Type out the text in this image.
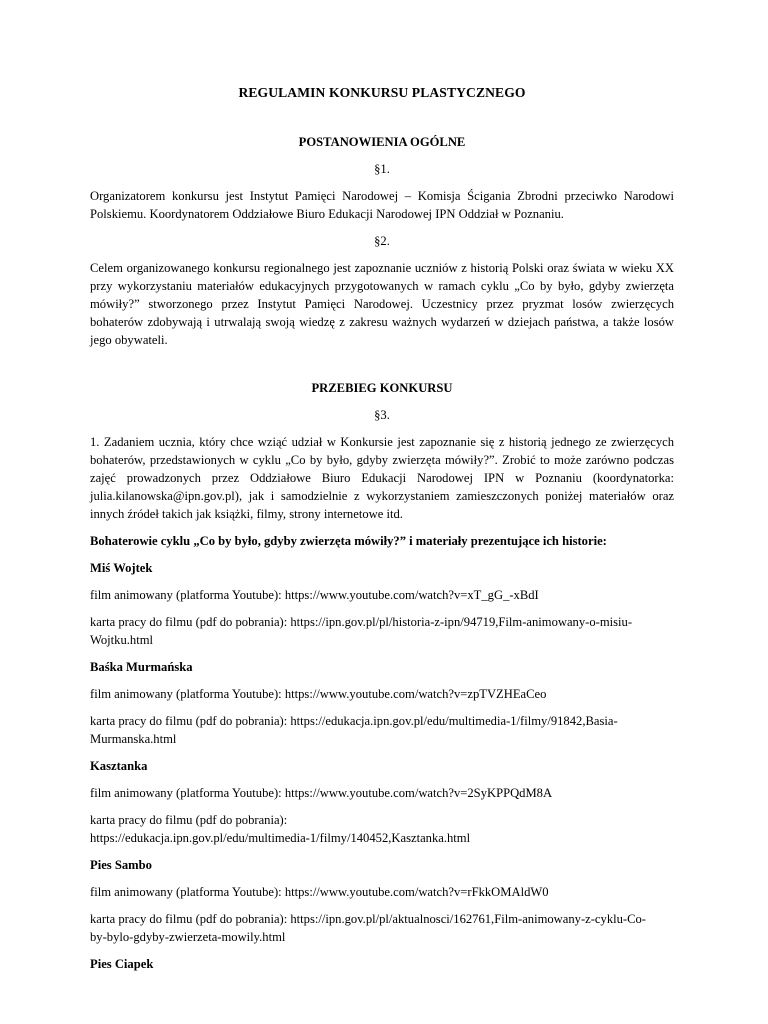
REGULAMIN KONKURSU PLASTYCZNEGO
POSTANOWIENIA OGÓLNE
§1.
Organizatorem konkursu jest Instytut Pamięci Narodowej – Komisja Ścigania Zbrodni przeciwko Narodowi Polskiemu. Koordynatorem Oddziałowe Biuro Edukacji Narodowej IPN Oddział w Poznaniu.
§2.
Celem organizowanego konkursu regionalnego jest zapoznanie uczniów z historią Polski oraz świata w wieku XX przy wykorzystaniu materiałów edukacyjnych przygotowanych w ramach cyklu „Co by było, gdyby zwierzęta mówiły?” stworzonego przez Instytut Pamięci Narodowej. Uczestnicy przez pryzmat losów zwierzęcych bohaterów zdobywają i utrwalają swoją wiedzę z zakresu ważnych wydarzeń w dziejach państwa, a także losów jego obywateli.
PRZEBIEG KONKURSU
§3.
1. Zadaniem ucznia, który chce wziąć udział w Konkursie jest zapoznanie się z historią jednego ze zwierzęcych bohaterów, przedstawionych w cyklu „Co by było, gdyby zwierzęta mówiły?”. Zrobić to może zarówno podczas zajęć prowadzonych przez Oddziałowe Biuro Edukacji Narodowej IPN w Poznaniu (koordynatorka: julia.kilanowska@ipn.gov.pl), jak i samodzielnie z wykorzystaniem zamieszczonych poniżej materiałów oraz innych źródeł takich jak książki, filmy, strony internetowe itd.
Bohaterowie cyklu „Co by było, gdyby zwierzęta mówiły?” i materiały prezentujące ich historie:
Miś Wojtek
film animowany (platforma Youtube): https://www.youtube.com/watch?v=xT_gG_-xBdI
karta pracy do filmu (pdf do pobrania): https://ipn.gov.pl/pl/historia-z-ipn/94719,Film-animowany-o-misiu-
Wojtku.html
Baśka Murmańska
film animowany (platforma Youtube): https://www.youtube.com/watch?v=zpTVZHEaCeo
karta pracy do filmu (pdf do pobrania): https://edukacja.ipn.gov.pl/edu/multimedia-1/filmy/91842,Basia-
Murmanska.html
Kasztanka
film animowany (platforma Youtube): https://www.youtube.com/watch?v=2SyKPPQdM8A
karta pracy do filmu (pdf do pobrania):
https://edukacja.ipn.gov.pl/edu/multimedia-1/filmy/140452,Kasztanka.html
Pies Sambo
film animowany (platforma Youtube): https://www.youtube.com/watch?v=rFkkOMAldW0
karta pracy do filmu (pdf do pobrania): https://ipn.gov.pl/pl/aktualnosci/162761,Film-animowany-z-cyklu-Co-
by-bylo-gdyby-zwierzeta-mowily.html
Pies Ciapek
